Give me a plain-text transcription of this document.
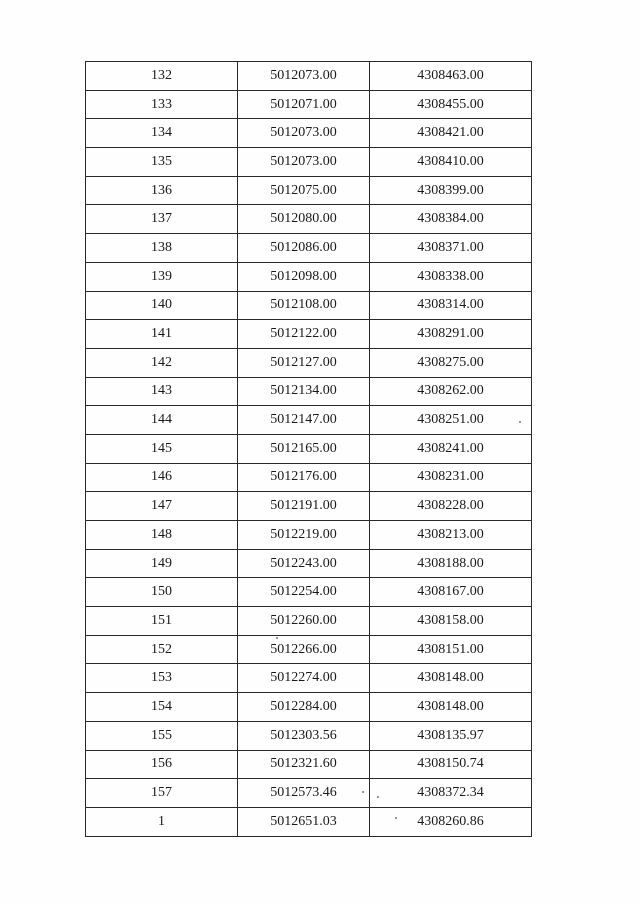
132	5012073.00	4308463.00
133	5012071.00	4308455.00
134	5012073.00	4308421.00
135	5012073.00	4308410.00
136	5012075.00	4308399.00
137	5012080.00	4308384.00
138	5012086.00	4308371.00
139	5012098.00	4308338.00
140	5012108.00	4308314.00
141	5012122.00	4308291.00
142	5012127.00	4308275.00
143	5012134.00	4308262.00
144	5012147.00	4308251.00
145	5012165.00	4308241.00
146	5012176.00	4308231.00
147	5012191.00	4308228.00
148	5012219.00	4308213.00
149	5012243.00	4308188.00
150	5012254.00	4308167.00
151	5012260.00	4308158.00
152	5012266.00	4308151.00
153	5012274.00	4308148.00
154	5012284.00	4308148.00
155	5012303.56	4308135.97
156	5012321.60	4308150.74
157	5012573.46	4308372.34
1	5012651.03	4308260.86
